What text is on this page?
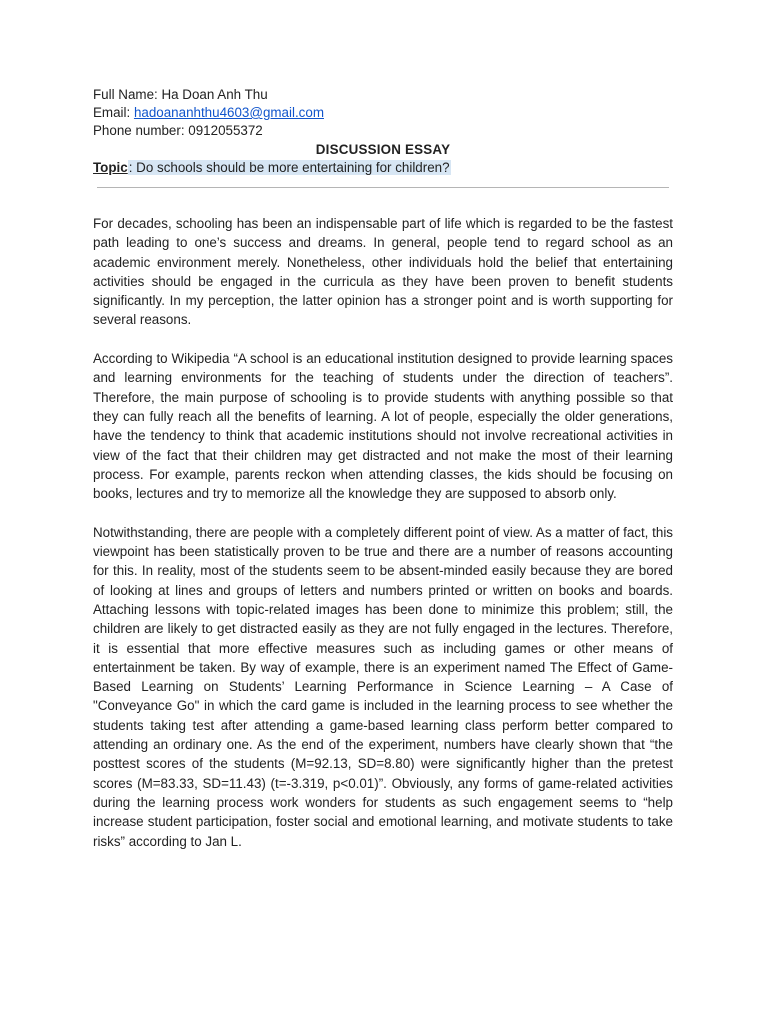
Full Name: Ha Doan Anh Thu
Email: hadoananhthu4603@gmail.com
Phone number: 0912055372
DISCUSSION ESSAY
Topic: Do schools should be more entertaining for children?

For decades, schooling has been an indispensable part of life which is regarded to be the fastest path leading to one’s success and dreams. In general, people tend to regard school as an academic environment merely. Nonetheless, other individuals hold the belief that entertaining activities should be engaged in the curricula as they have been proven to benefit students significantly. In my perception, the latter opinion has a stronger point and is worth supporting for several reasons.

According to Wikipedia “A school is an educational institution designed to provide learning spaces and learning environments for the teaching of students under the direction of teachers”. Therefore, the main purpose of schooling is to provide students with anything possible so that they can fully reach all the benefits of learning. A lot of people, especially the older generations, have the tendency to think that academic institutions should not involve recreational activities in view of the fact that their children may get distracted and not make the most of their learning process. For example, parents reckon when attending classes, the kids should be focusing on books, lectures and try to memorize all the knowledge they are supposed to absorb only.

Notwithstanding, there are people with a completely different point of view. As a matter of fact, this viewpoint has been statistically proven to be true and there are a number of reasons accounting for this. In reality, most of the students seem to be absent-minded easily because they are bored of looking at lines and groups of letters and numbers printed or written on books and boards. Attaching lessons with topic-related images has been done to minimize this problem; still, the children are likely to get distracted easily as they are not fully engaged in the lectures. Therefore, it is essential that more effective measures such as including games or other means of entertainment be taken. By way of example, there is an experiment named The Effect of Game-Based Learning on Students’ Learning Performance in Science Learning – A Case of "Conveyance Go" in which the card game is included in the learning process to see whether the students taking test after attending a game-based learning class perform better compared to attending an ordinary one. As the end of the experiment, numbers have clearly shown that “the posttest scores of the students (M=92.13, SD=8.80) were significantly higher than the pretest scores (M=83.33, SD=11.43) (t=-3.319, p<0.01)”. Obviously, any forms of game-related activities during the learning process work wonders for students as such engagement seems to “help increase student participation, foster social and emotional learning, and motivate students to take risks” according to Jan L.
